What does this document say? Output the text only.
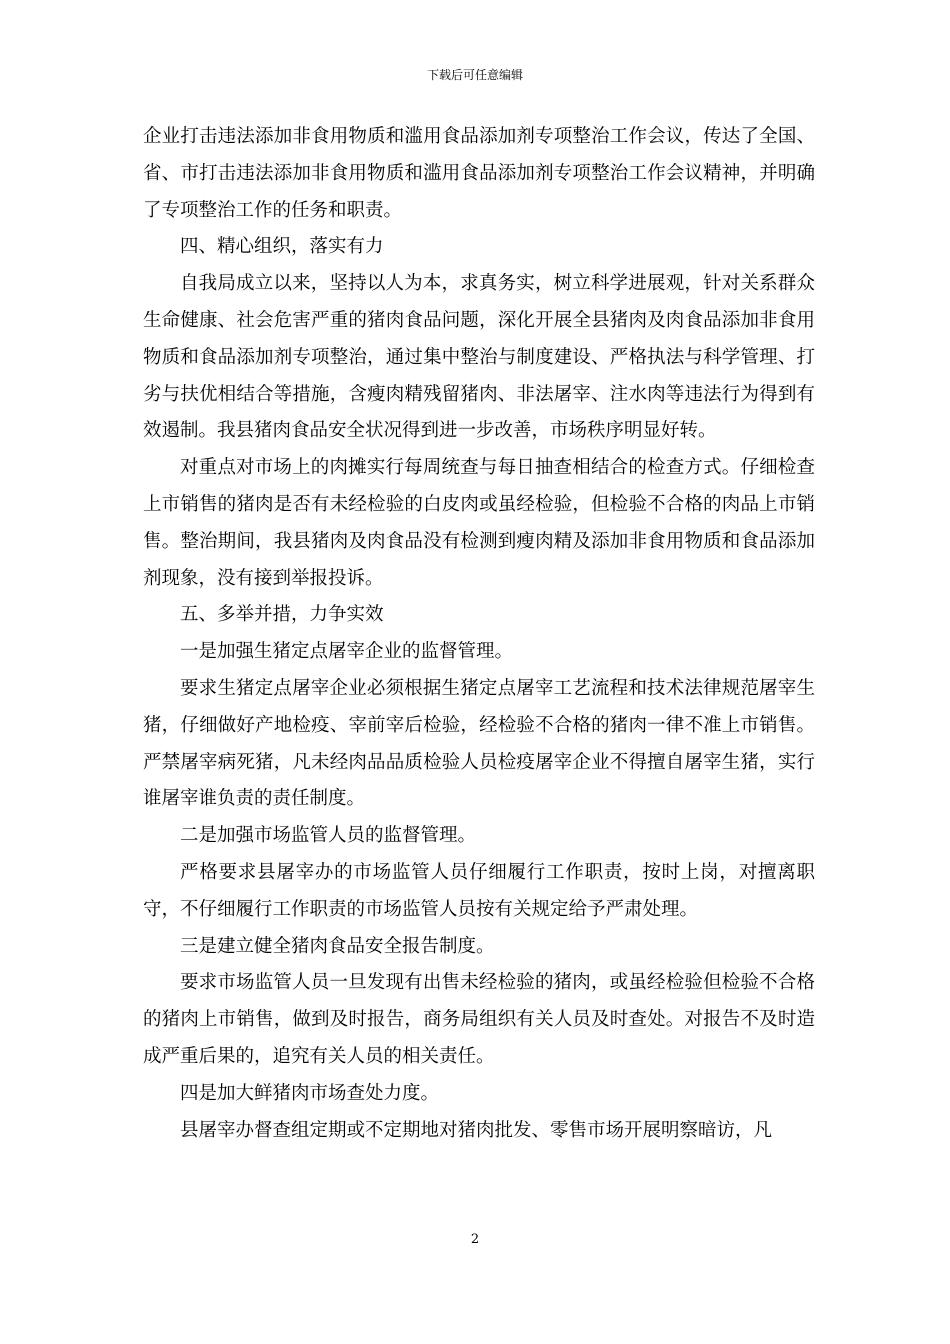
下载后可任意编辑

企业打击违法添加非食用物质和滥用食品添加剂专项整治工作会议，传达了全国、省、市打击违法添加非食用物质和滥用食品添加剂专项整治工作会议精神，并明确了专项整治工作的任务和职责。

四、精心组织，落实有力

自我局成立以来，坚持以人为本，求真务实，树立科学进展观，针对关系群众生命健康、社会危害严重的猪肉食品问题，深化开展全县猪肉及肉食品添加非食用物质和食品添加剂专项整治，通过集中整治与制度建设、严格执法与科学管理、打劣与扶优相结合等措施，含瘦肉精残留猪肉、非法屠宰、注水肉等违法行为得到有效遏制。我县猪肉食品安全状况得到进一步改善，市场秩序明显好转。

对重点对市场上的肉摊实行每周统查与每日抽查相结合的检查方式。仔细检查上市销售的猪肉是否有未经检验的白皮肉或虽经检验，但检验不合格的肉品上市销售。整治期间，我县猪肉及肉食品没有检测到瘦肉精及添加非食用物质和食品添加剂现象，没有接到举报投诉。

五、多举并措，力争实效

一是加强生猪定点屠宰企业的监督管理。

要求生猪定点屠宰企业必须根据生猪定点屠宰工艺流程和技术法律规范屠宰生猪，仔细做好产地检疫、宰前宰后检验，经检验不合格的猪肉一律不准上市销售。严禁屠宰病死猪，凡未经肉品品质检验人员检疫屠宰企业不得擅自屠宰生猪，实行谁屠宰谁负责的责任制度。

二是加强市场监管人员的监督管理。

严格要求县屠宰办的市场监管人员仔细履行工作职责，按时上岗，对擅离职守，不仔细履行工作职责的市场监管人员按有关规定给予严肃处理。

三是建立健全猪肉食品安全报告制度。

要求市场监管人员一旦发现有出售未经检验的猪肉，或虽经检验但检验不合格的猪肉上市销售，做到及时报告，商务局组织有关人员及时查处。对报告不及时造成严重后果的，追究有关人员的相关责任。

四是加大鲜猪肉市场查处力度。

县屠宰办督查组定期或不定期地对猪肉批发、零售市场开展明察暗访，凡

2
